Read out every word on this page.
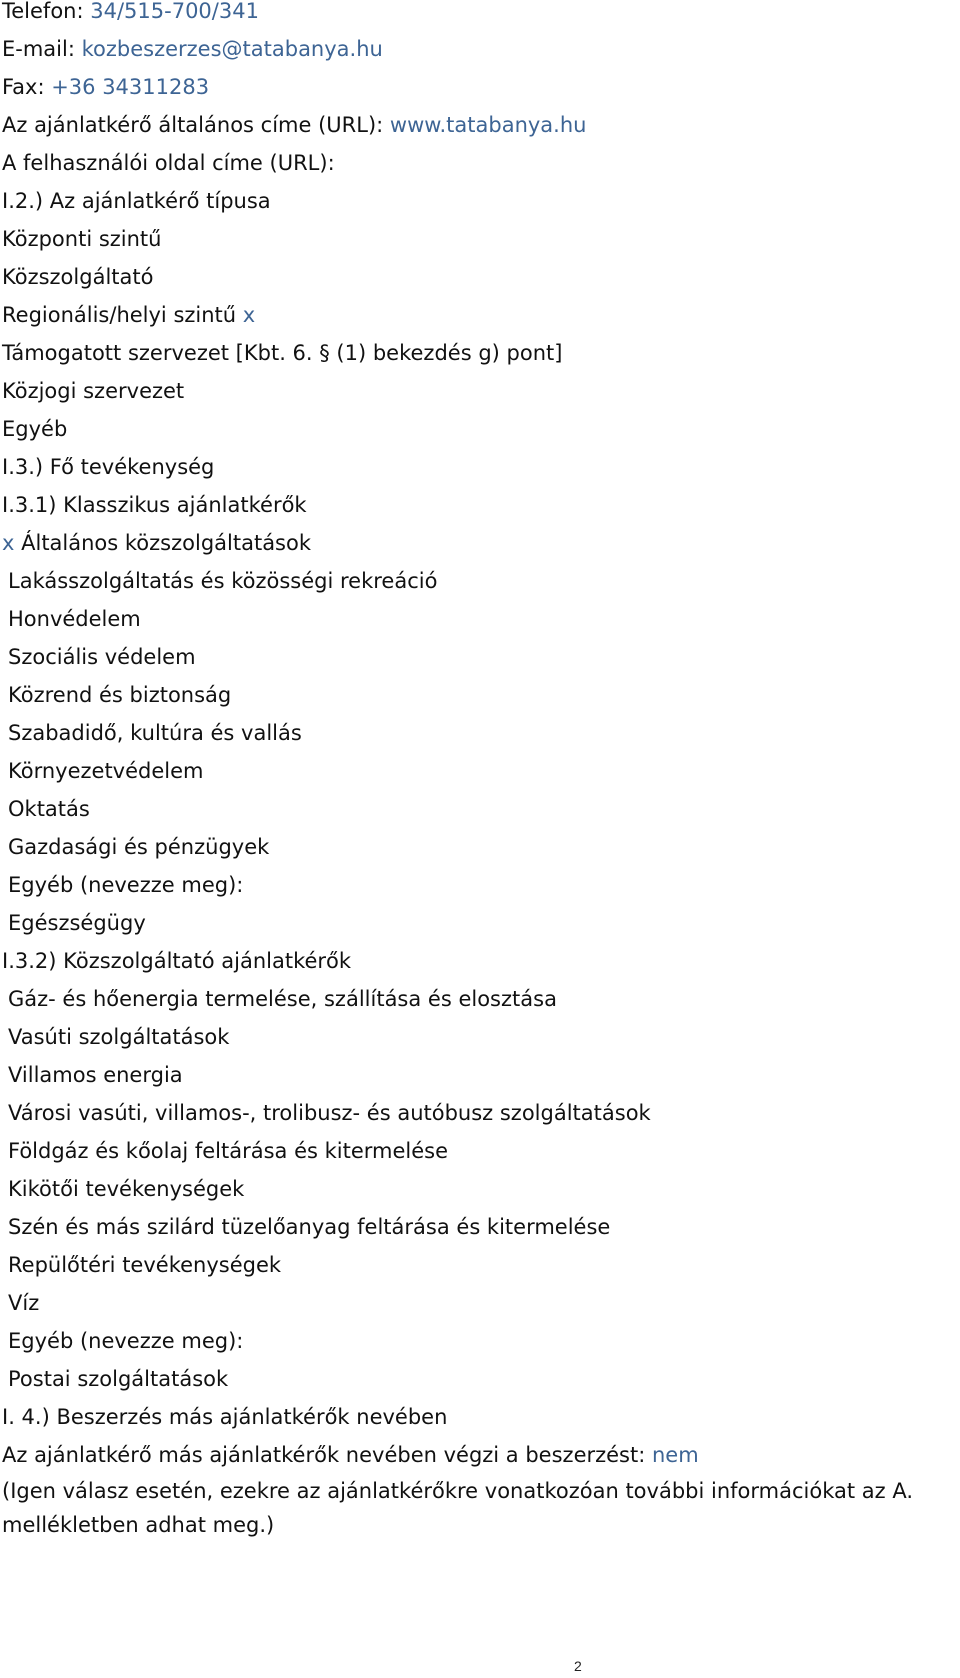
Telefon: 34/515-700/341
E-mail: kozbeszerzes@tatabanya.hu
Fax: +36 34311283
Az ajánlatkérő általános címe (URL): www.tatabanya.hu
A felhasználói oldal címe (URL):
I.2.) Az ajánlatkérő típusa
Központi szintű
Közszolgáltató
Regionális/helyi szintű x
Támogatott szervezet [Kbt. 6. § (1) bekezdés g) pont]
Közjogi szervezet
Egyéb
I.3.) Fő tevékenység
I.3.1) Klasszikus ajánlatkérők
x Általános közszolgáltatások
Lakásszolgáltatás és közösségi rekreáció
Honvédelem
Szociális védelem
Közrend és biztonság
Szabadidő, kultúra és vallás
Környezetvédelem
Oktatás
Gazdasági és pénzügyek
Egyéb (nevezze meg):
Egészségügy
I.3.2) Közszolgáltató ajánlatkérők
Gáz- és hőenergia termelése, szállítása és elosztása
Vasúti szolgáltatások
Villamos energia
Városi vasúti, villamos-, trolibusz- és autóbusz szolgáltatások
Földgáz és kőolaj feltárása és kitermelése
Kikötői tevékenységek
Szén és más szilárd tüzelőanyag feltárása és kitermelése
Repülőtéri tevékenységek
Víz
Egyéb (nevezze meg):
Postai szolgáltatások
I. 4.) Beszerzés más ajánlatkérők nevében
Az ajánlatkérő más ajánlatkérők nevében végzi a beszerzést: nem
(Igen válasz esetén, ezekre az ajánlatkérőkre vonatkozóan további információkat az A.
mellékletben adhat meg.)
2
